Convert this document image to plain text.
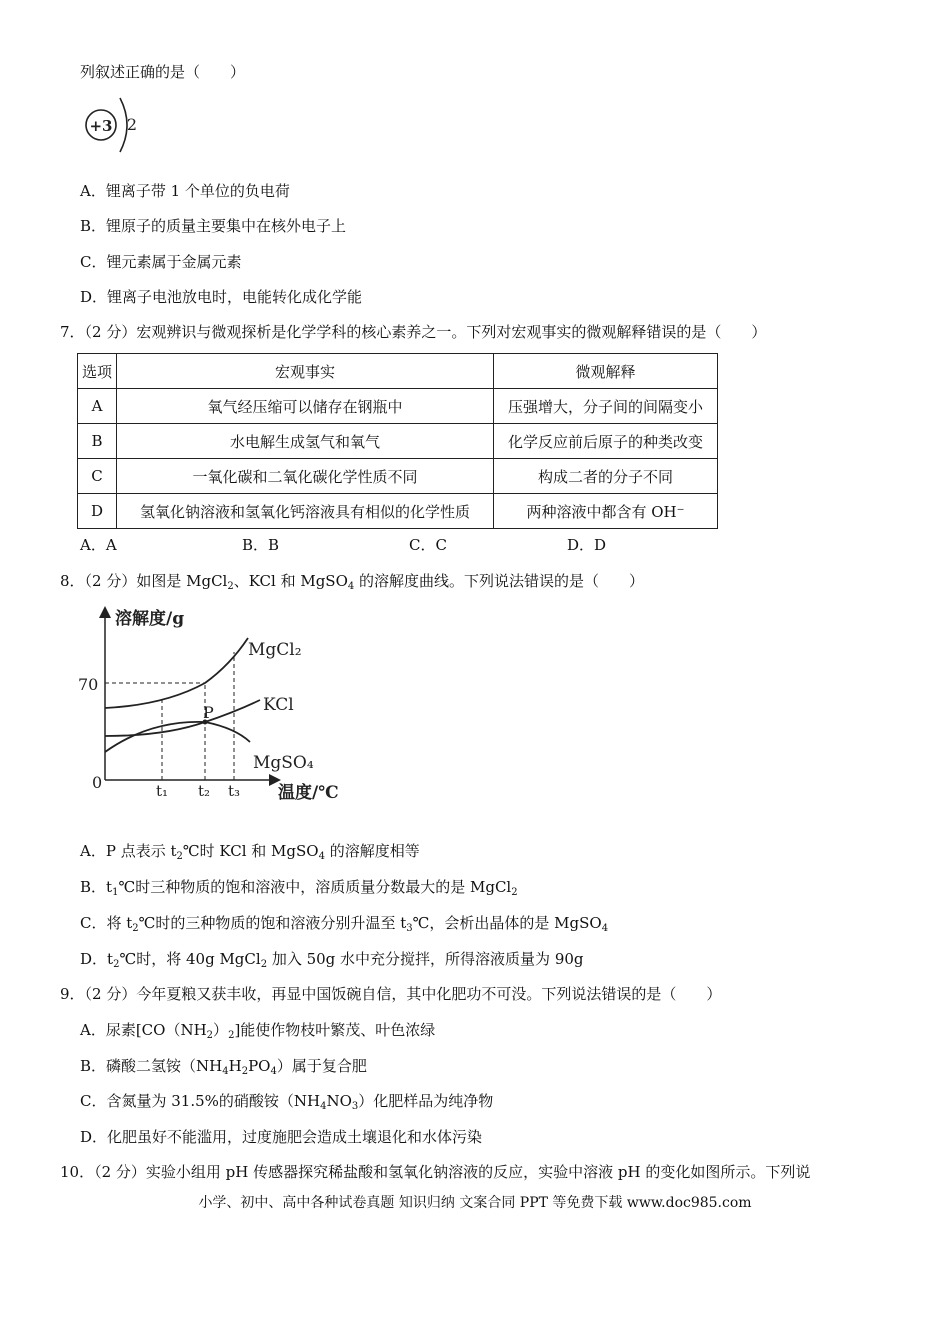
列叙述正确的是（　　）
+3 2
A．锂离子带 1 个单位的负电荷
B．锂原子的质量主要集中在核外电子上
C．锂元素属于金属元素
D．锂离子电池放电时，电能转化成化学能
7．（2 分）宏观辨识与微观探析是化学学科的核心素养之一。下列对宏观事实的微观解释错误的是（　　）
选项	宏观事实	微观解释
A	氧气经压缩可以储存在钢瓶中	压强增大，分子间的间隔变小
B	水电解生成氢气和氧气	化学反应前后原子的种类改变
C	一氧化碳和二氧化碳化学性质不同	构成二者的分子不同
D	氢氧化钠溶液和氢氧化钙溶液具有相似的化学性质	两种溶液中都含有 OH⁻
A．A	B．B	C．C	D．D
8．（2 分）如图是 MgCl$_2$、KCl 和 MgSO$_4$ 的溶解度曲线。下列说法错误的是（　　）
溶解度/g
温度/℃
0
70
P
MgCl₂
KCl
MgSO₄
t₁ t₂ t₃
A．P 点表示 $t_2℃$时 KCl 和 MgSO$_4$ 的溶解度相等
B．$t_1℃$时三种物质的饱和溶液中，溶质质量分数最大的是 MgCl$_2$
C．将 $t_2℃$时的三种物质的饱和溶液分别升温至 $t_3℃$，会析出晶体的是 MgSO$_4$
D．$t_2℃$时，将 40g MgCl$_2$ 加入 50g 水中充分搅拌，所得溶液质量为 90g
9．（2 分）今年夏粮又获丰收，再显中国饭碗自信，其中化肥功不可没。下列说法错误的是（　　）
A．尿素$[CO(NH_2)_2]$能使作物枝叶繁茂、叶色浓绿
B．磷酸二氢铵$(NH_4H_2PO_4)$属于复合肥
C．含氮量为 31.5%的硝酸铵$(NH_4NO_3)$化肥样品为纯净物
D．化肥虽好不能滥用，过度施肥会造成土壤退化和水体污染
10．（2 分）实验小组用 pH 传感器探究稀盐酸和氢氧化钠溶液的反应，实验中溶液 pH 的变化如图所示。下列说
小学、初中、高中各种试卷真题 知识归纳 文案合同 PPT 等免费下载 www.doc985.com
